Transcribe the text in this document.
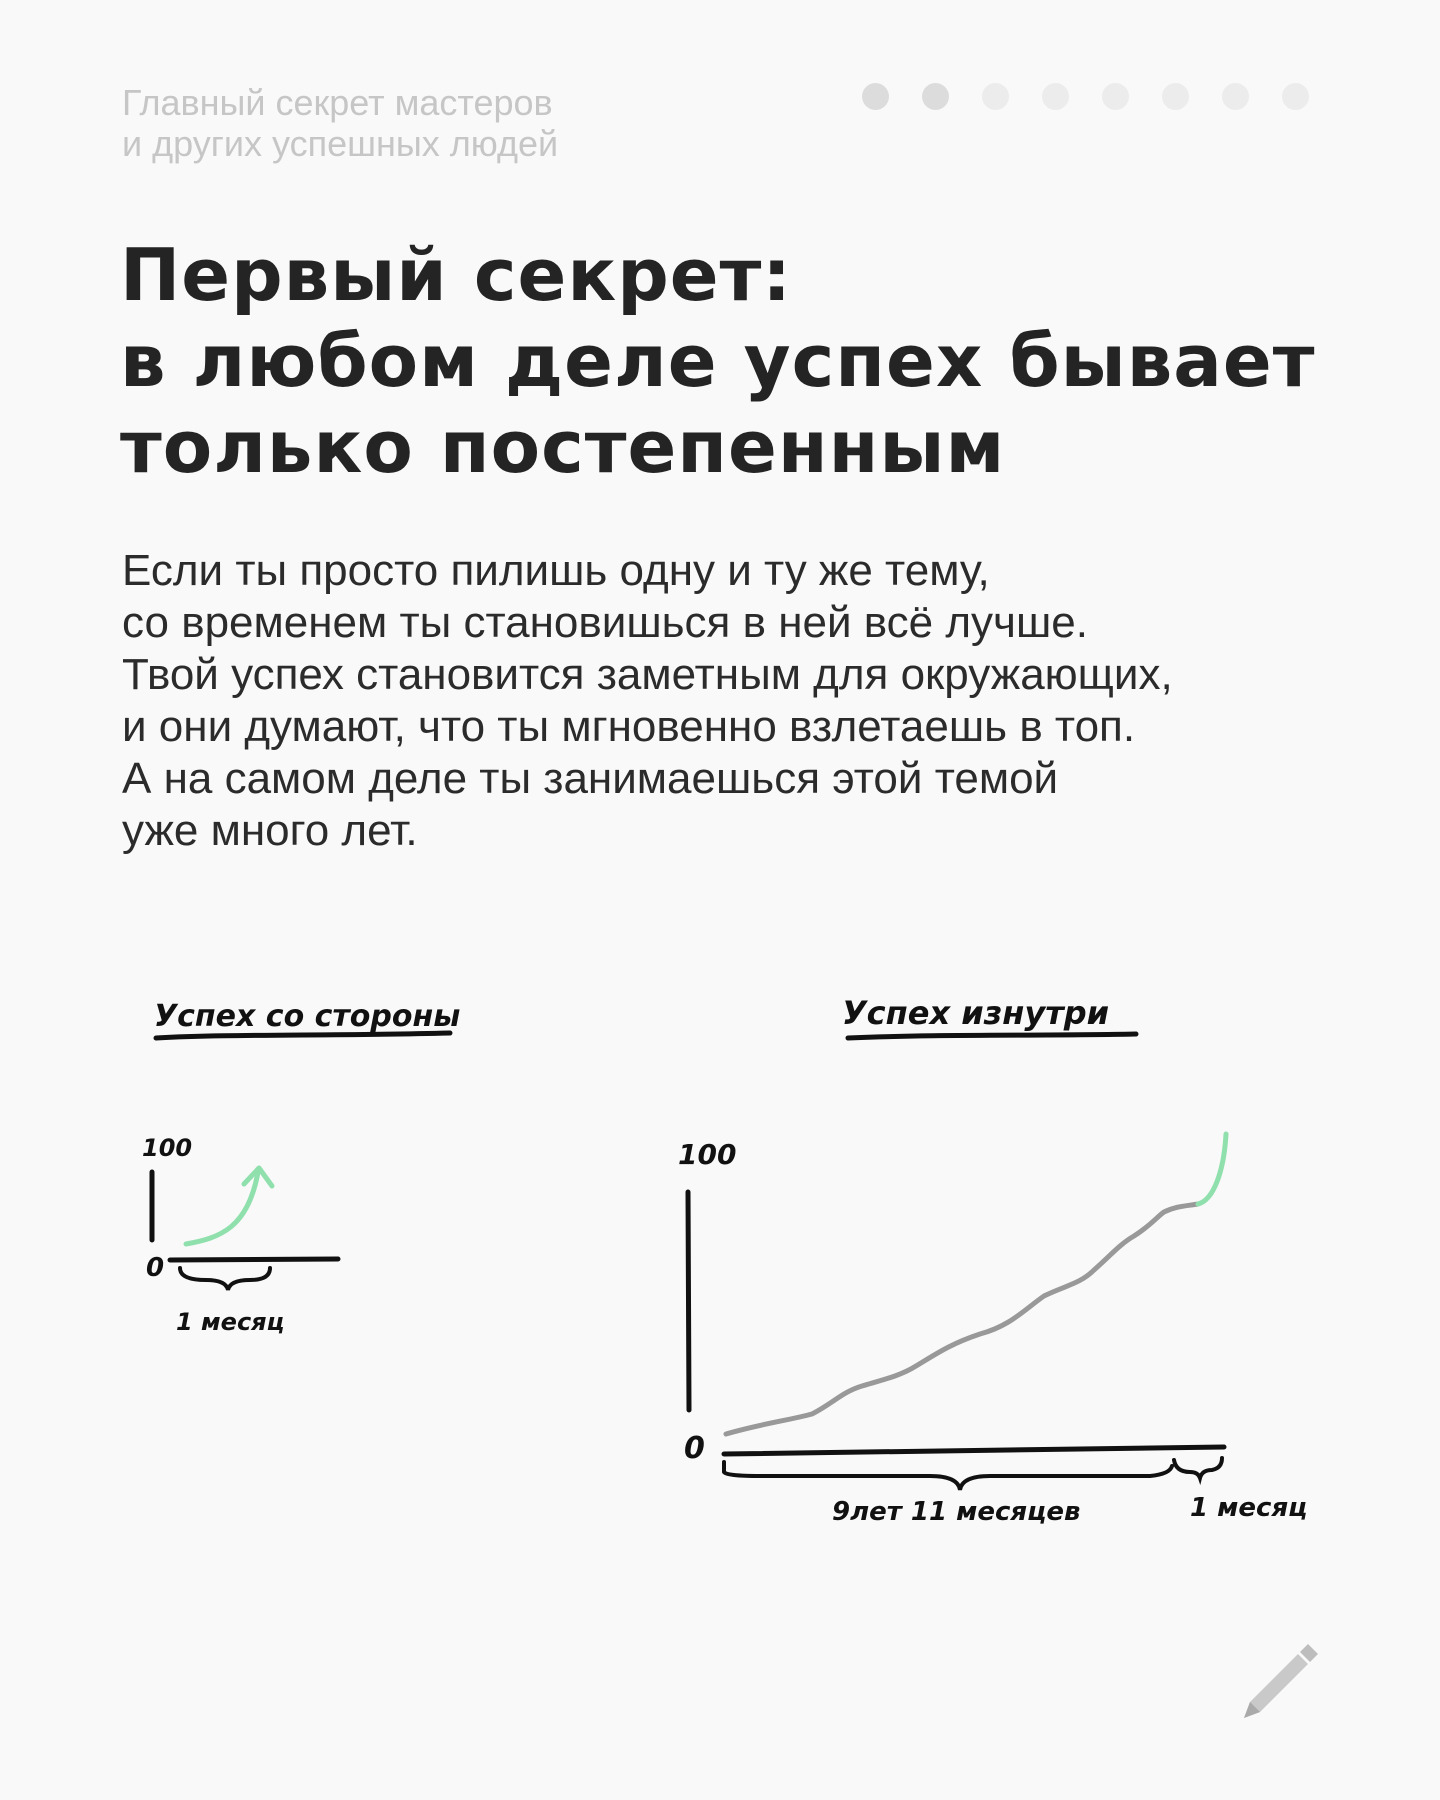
Главный секрет мастеров
и других успешных людей
Первый секрет:
в любом деле успех бывает
только постепенным

Если ты просто пилишь одну и ту же тему,
со временем ты становишься в ней всё лучше.
Твой успех становится заметным для окружающих,
и они думают, что ты мгновенно взлетаешь в топ.
А на самом деле ты занимаешься этой темой
уже много лет.

Успех со стороны
100
0
1 месяц
Успех изнутри
100
0
9лет 11 месяцев	1 месяц
